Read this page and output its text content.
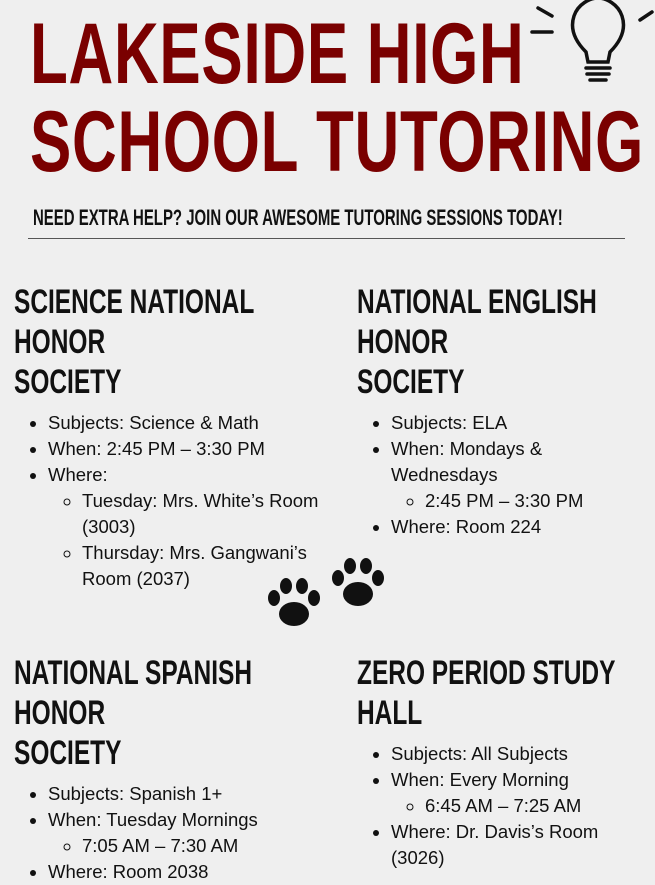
LAKESIDE HIGH
SCHOOL TUTORING
NEED EXTRA HELP? JOIN OUR AWESOME TUTORING SESSIONS TODAY!
SCIENCE NATIONAL HONOR
SOCIETY
• Subjects: Science & Math
• When: 2:45 PM – 3:30 PM
• Where:
◦ Tuesday: Mrs. White’s Room (3003)
◦ Thursday: Mrs. Gangwani’s Room (2037)
NATIONAL ENGLISH HONOR
SOCIETY
• Subjects: ELA
• When: Mondays & Wednesdays
◦ 2:45 PM – 3:30 PM
• Where: Room 224
NATIONAL SPANISH HONOR
SOCIETY
• Subjects: Spanish 1+
• When: Tuesday Mornings
◦ 7:05 AM – 7:30 AM
• Where: Room 2038
ZERO PERIOD STUDY HALL
• Subjects: All Subjects
• When: Every Morning
◦ 6:45 AM – 7:25 AM
• Where: Dr. Davis’s Room (3026)
